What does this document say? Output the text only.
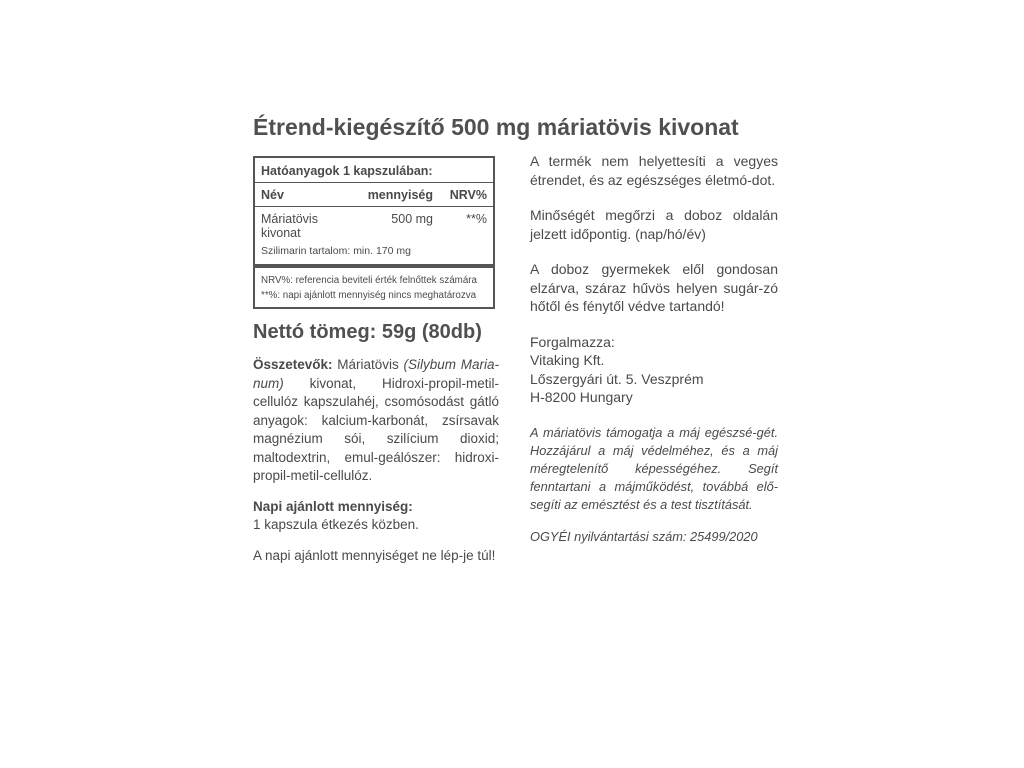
Étrend-kiegészítő 500 mg máriatövis kivonat
Hatóanyagok 1 kapszulában:
Név	mennyiség	NRV%
Máriatövis
kivonat
500 mg	**%
Szilimarin tartalom: min. 170 mg
NRV%: referencia beviteli érték felnőttek számára
**%: napi ajánlott mennyiség nincs meghatározva
Nettó tömeg: 59g (80db)
Összetevők: Máriatövis (Silybum Mariа-num) kivonat, Hidroxi-propil-metil-cellulóz kapszulahéj, csomósodást gátló anyagok: kalcium-karbonát, zsírsavak magnézium sói, szilícium dioxid; maltodextrin, emul-geálószer: hidroxi-propil-metil-cellulóz.
Napi ajánlott mennyiség:
1 kapszula étkezés közben.
A napi ajánlott mennyiséget ne lép-je túl!
A termék nem helyettesíti a vegyes étrendet, és az egészséges életmó-dot.
Minőségét megőrzi a doboz oldalán jelzett időpontig. (nap/hó/év)
A doboz gyermekek elől gondosan elzárva, száraz hűvös helyen sugár-zó hőtől és fénytől védve tartandó!
Forgalmazza:
Vitaking Kft.
Lőszergyári út. 5. Veszprém
H-8200 Hungary
A máriatövis támogatja a máj egészsé-gét. Hozzájárul a máj védelméhez, és a máj méregtelenítő képességéhez. Segít fenntartani a májműködést, továbbá elő-segíti az emésztést és a test tisztítását.
OGYÉI nyilvántartási szám: 25499/2020
